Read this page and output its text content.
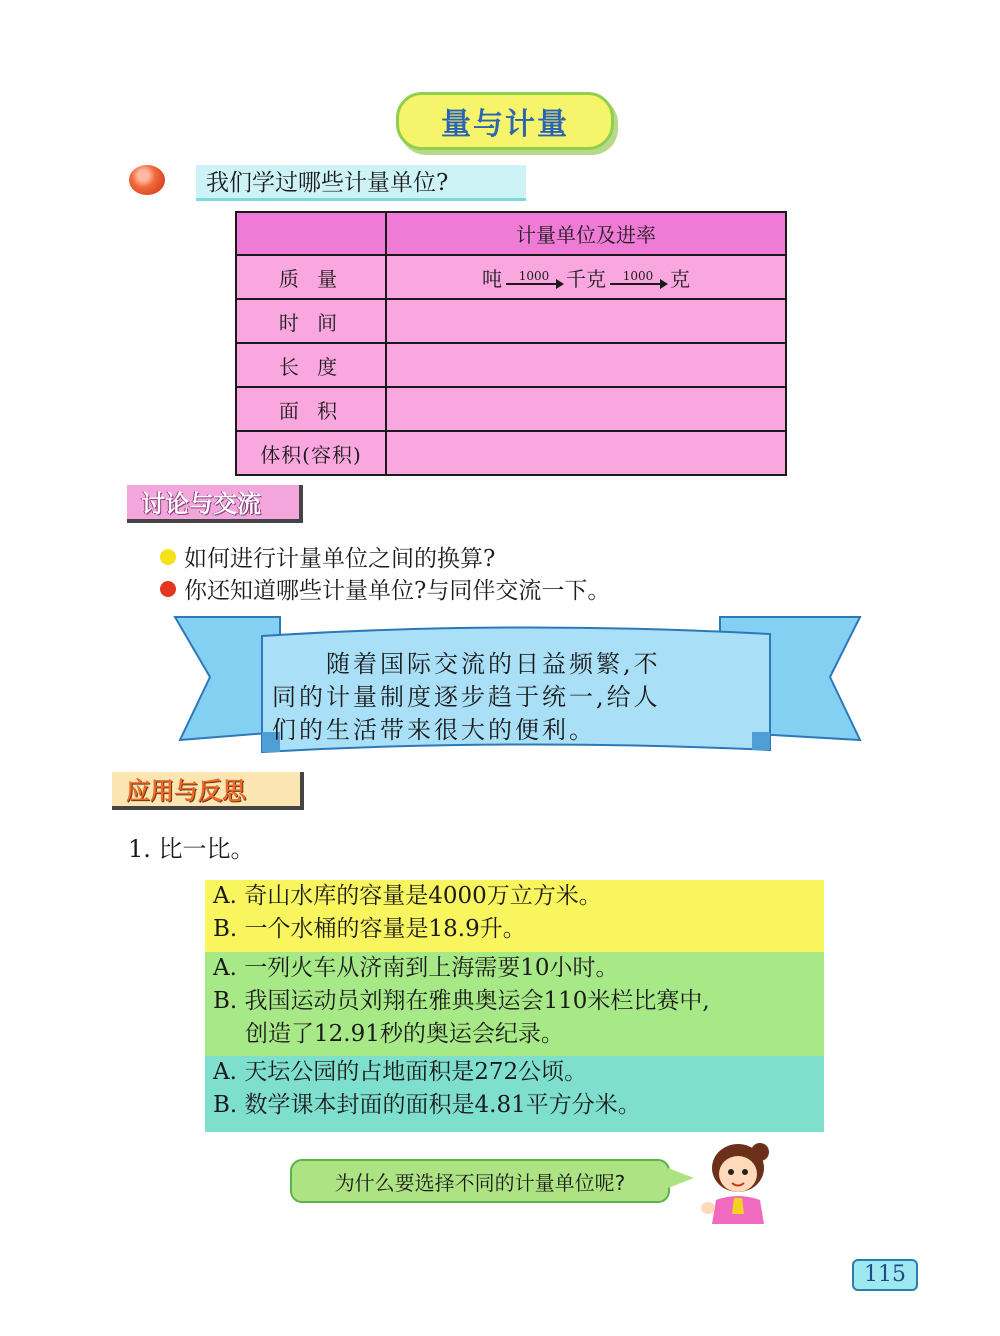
量与计量
我们学过哪些计量单位?
	计量单位及进率
质 量	吨 1000 千克 1000 克

时 间	
长 度	
面 积	
体积(容积)	
讨论与交流
如何进行计量单位之间的换算?
你还知道哪些计量单位?与同伴交流一下。
　　随着国际交流的日益频繁,不
同的计量制度逐步趋于统一,给人
们的生活带来很大的便利。
应用与反思
1. 比一比。
A. 奇山水库的容量是4000万立方米。
B. 一个水桶的容量是18.9升。
A. 一列火车从济南到上海需要10小时。
B. 我国运动员刘翔在雅典奥运会110米栏比赛中,
创造了12.91秒的奥运会纪录。
A. 天坛公园的占地面积是272公顷。
B. 数学课本封面的面积是4.81平方分米。
为什么要选择不同的计量单位呢?
115
